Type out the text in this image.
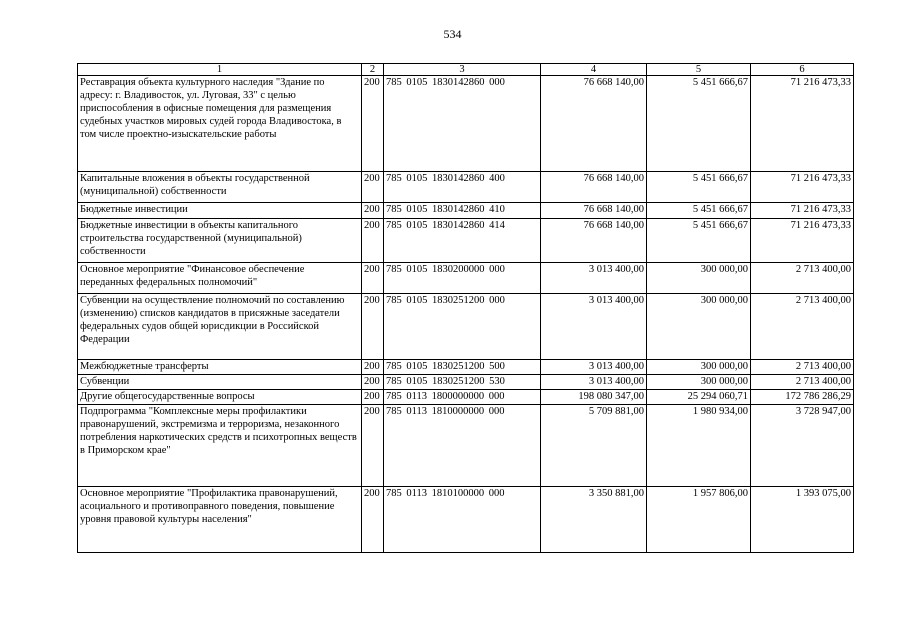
534
1	2	3	4	5	6
Реставрация объекта культурного наследия "Здание по адресу: г. Владивосток, ул. Луговая, 33" с целью приспособления в офисные помещения для размещения судебных участков мировых судей города Владивостока, в том числе проектно-изыскательские работы	200	785 0105 1830142860 000	76 668 140,00	5 451 666,67	71 216 473,33
Капитальные вложения в объекты государственной (муниципальной) собственности	200	785 0105 1830142860 400	76 668 140,00	5 451 666,67	71 216 473,33
Бюджетные инвестиции	200	785 0105 1830142860 410	76 668 140,00	5 451 666,67	71 216 473,33
Бюджетные инвестиции в объекты капитального строительства государственной (муниципальной) собственности	200	785 0105 1830142860 414	76 668 140,00	5 451 666,67	71 216 473,33
Основное мероприятие "Финансовое обеспечение переданных федеральных полномочий"	200	785 0105 1830200000 000	3 013 400,00	300 000,00	2 713 400,00
Субвенции на осуществление полномочий по составлению (изменению) списков кандидатов в присяжные заседатели федеральных судов общей юрисдикции в Российской Федерации	200	785 0105 1830251200 000	3 013 400,00	300 000,00	2 713 400,00
Межбюджетные трансферты	200	785 0105 1830251200 500	3 013 400,00	300 000,00	2 713 400,00
Субвенции	200	785 0105 1830251200 530	3 013 400,00	300 000,00	2 713 400,00
Другие общегосударственные вопросы	200	785 0113 1800000000 000	198 080 347,00	25 294 060,71	172 786 286,29
Подпрограмма "Комплексные меры профилактики правонарушений, экстремизма и терроризма, незаконного потребления наркотических средств и психотропных веществ в Приморском крае"	200	785 0113 1810000000 000	5 709 881,00	1 980 934,00	3 728 947,00
Основное мероприятие "Профилактика правонарушений, асоциального и противоправного поведения, повышение уровня правовой культуры населения"	200	785 0113 1810100000 000	3 350 881,00	1 957 806,00	1 393 075,00
